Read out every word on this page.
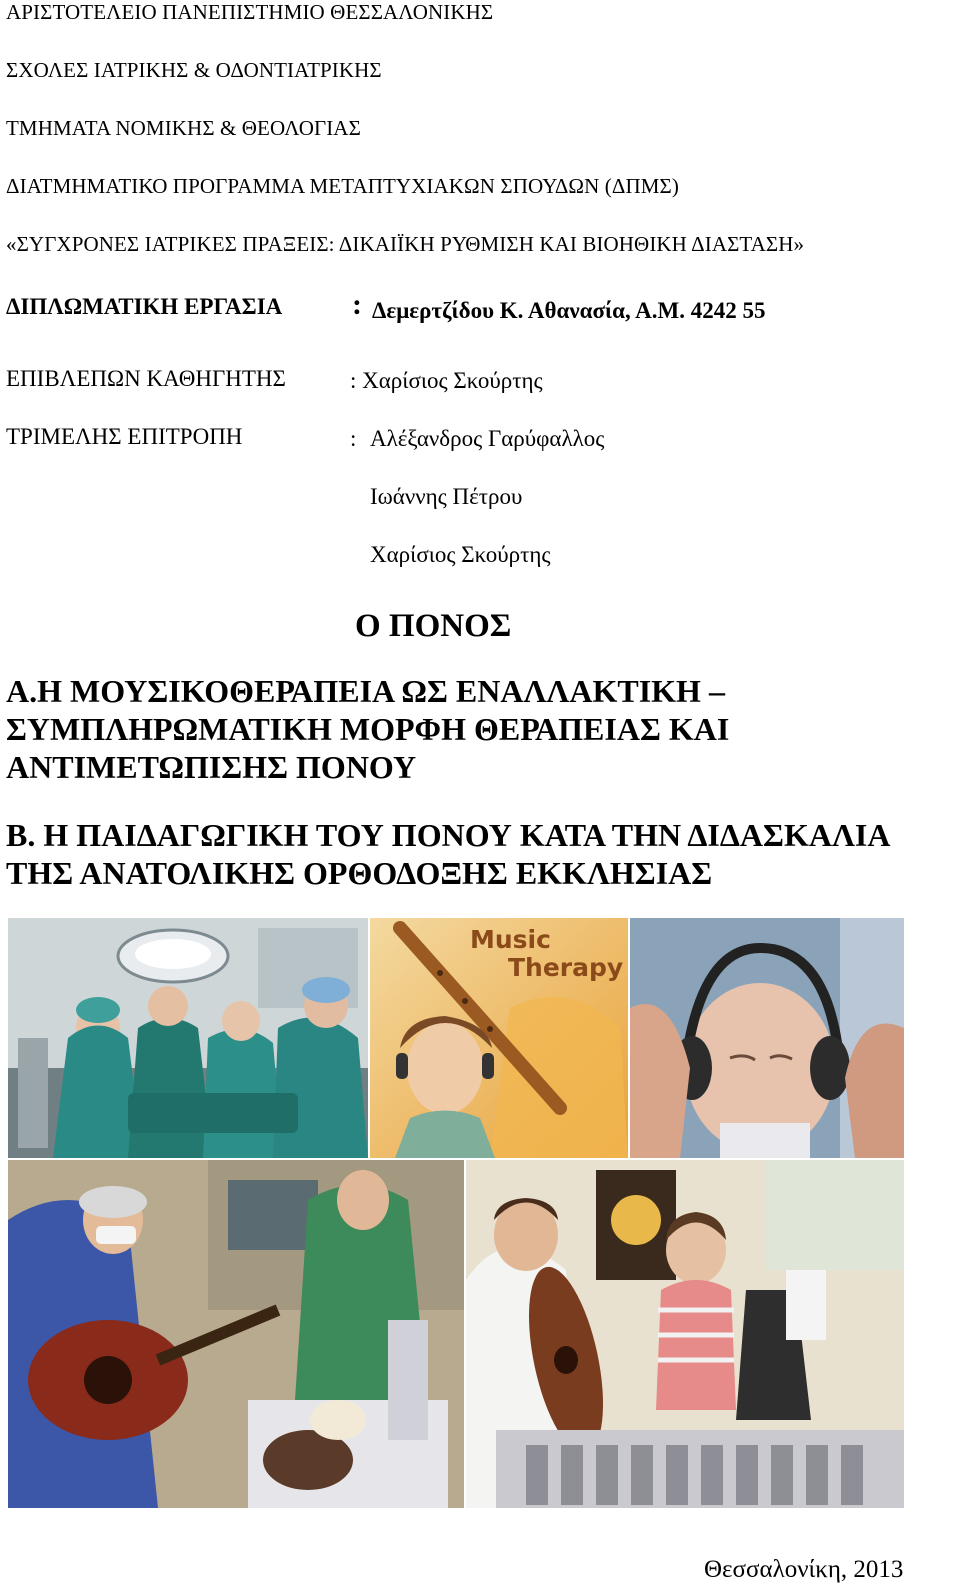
ΑΡΙΣΤΟΤΕΛΕΙΟ ΠΑΝΕΠΙΣΤΗΜΙΟ ΘΕΣΣΑΛΟΝΙΚΗΣ
ΣΧΟΛΕΣ ΙΑΤΡΙΚΗΣ & ΟΔΟΝΤΙΑΤΡΙΚΗΣ
ΤΜΗΜΑΤΑ ΝΟΜΙΚΗΣ & ΘΕΟΛΟΓΙΑΣ
ΔΙΑΤΜΗΜΑΤΙΚΟ ΠΡΟΓΡΑΜΜΑ ΜΕΤΑΠΤΥΧΙΑΚΩΝ ΣΠΟΥΔΩΝ (ΔΠΜΣ)
«ΣΥΓΧΡΟΝΕΣ ΙΑΤΡΙΚΕΣ ΠΡΑΞΕΙΣ: ΔΙΚΑΙΪΚΗ ΡΥΘΜΙΣΗ ΚΑΙ ΒΙΟΗΘΙΚΗ ΔΙΑΣΤΑΣΗ»
ΔΙΠΛΩΜΑΤΙΚΗ ΕΡΓΑΣΙΑ : Δεμερτζίδου Κ. Αθανασία, Α.Μ. 4242 55
ΕΠΙΒΛΕΠΩΝ ΚΑΘΗΓΗΤΗΣ	: Χαρίσιος Σκούρτης
ΤΡΙΜΕΛΗΣ ΕΠΙΤΡΟΠΗ	: Αλέξανδρος Γαρύφαλλος
Ιωάννης Πέτρου
Χαρίσιος Σκούρτης
Ο ΠΟΝΟΣ
Α.Η ΜΟΥΣΙΚΟΘΕΡΑΠΕΙΑ ΩΣ ΕΝΑΛΛΑΚΤΙΚΗ –
ΣΥΜΠΛΗΡΩΜΑΤΙΚΗ ΜΟΡΦΗ ΘΕΡΑΠΕΙΑΣ ΚΑΙ
ΑΝΤΙΜΕΤΩΠΙΣΗΣ ΠΟΝΟΥ
Β. Η ΠΑΙΔΑΓΩΓΙΚΗ ΤΟΥ ΠΟΝΟΥ ΚΑΤΑ ΤΗΝ ΔΙΔΑΣΚΑΛΙΑ
ΤΗΣ ΑΝΑΤΟΛΙΚΗΣ ΟΡΘΟΔΟΞΗΣ ΕΚΚΛΗΣΙΑΣ
Music
Therapy
Θεσσαλονίκη, 2013
